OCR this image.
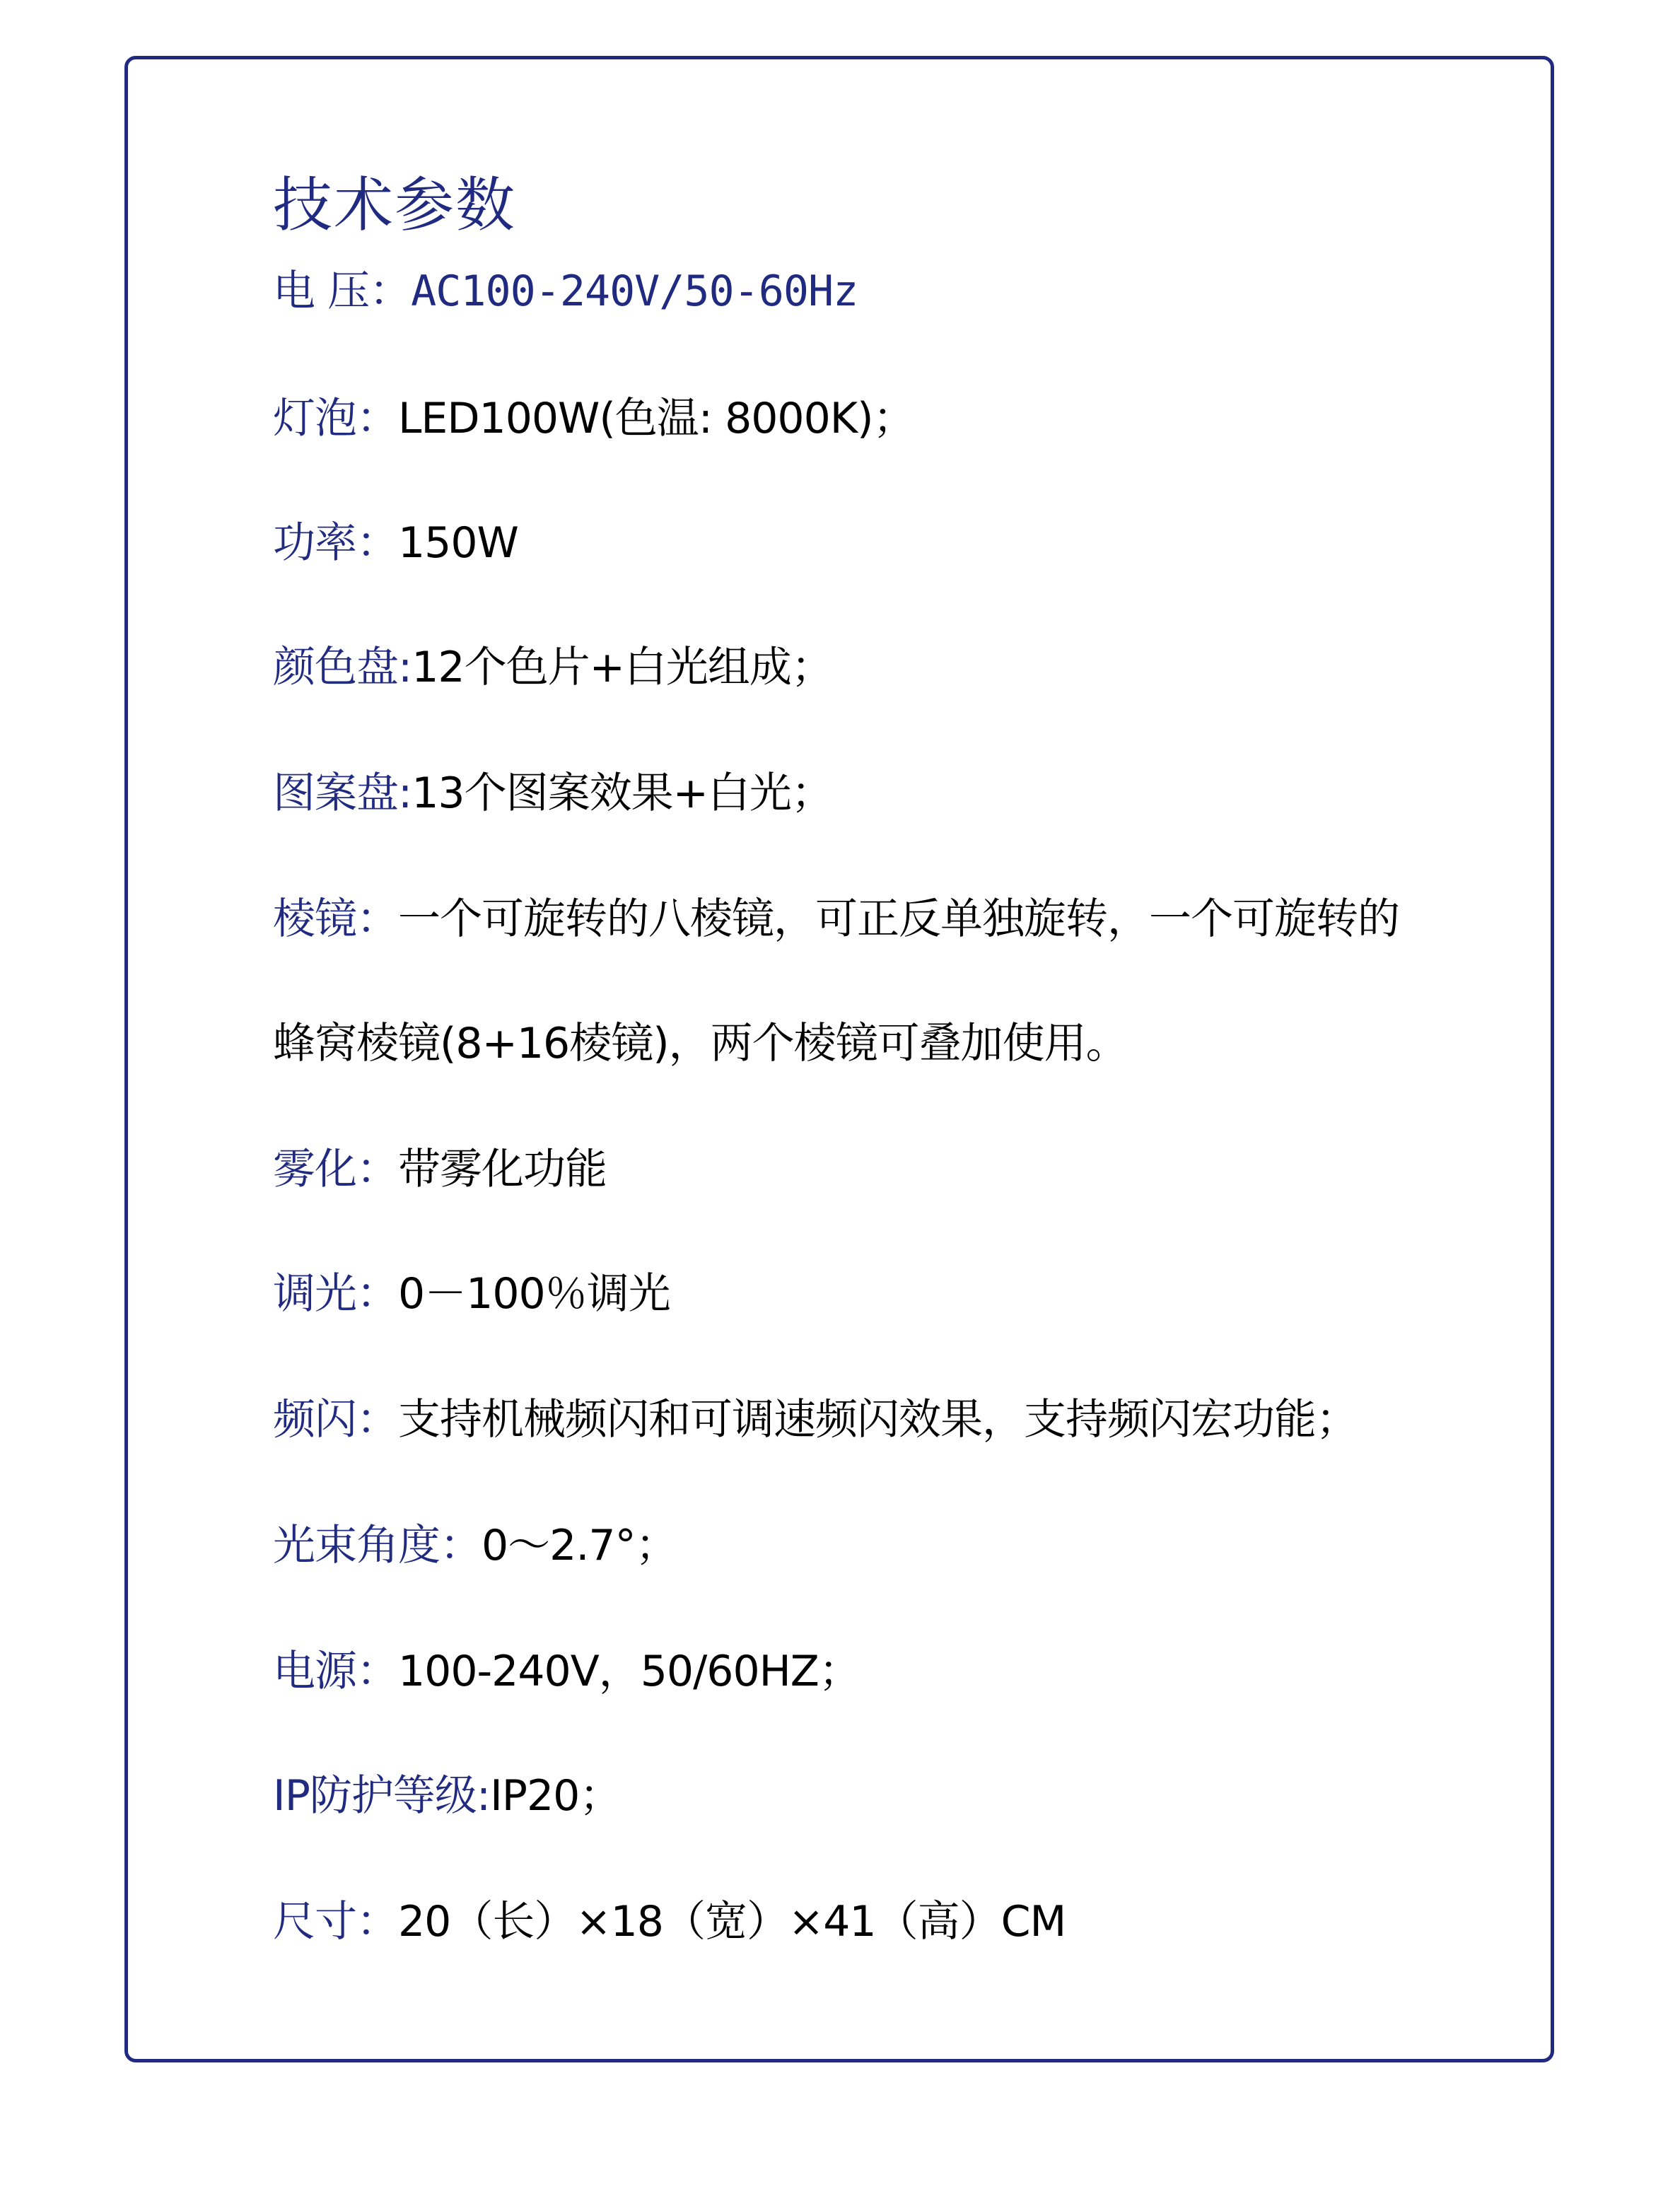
技术参数
电 压：AC100-240V/50-60Hz
灯泡：LED100W(色温: 8000K)；
功率：150W
颜色盘:12个色片+白光组成；
图案盘:13个图案效果+白光；
棱镜：一个可旋转的八棱镜，可正反单独旋转，一个可旋转的
蜂窝棱镜(8+16棱镜)，两个棱镜可叠加使用。
雾化：带雾化功能
调光：0－100％调光
频闪：支持机械频闪和可调速频闪效果，支持频闪宏功能；
光束角度：0～2.7°；
电源：100-240V，50/60HZ；
IP防护等级:IP20；
尺寸：20（长）×18（宽）×41（高）CM
